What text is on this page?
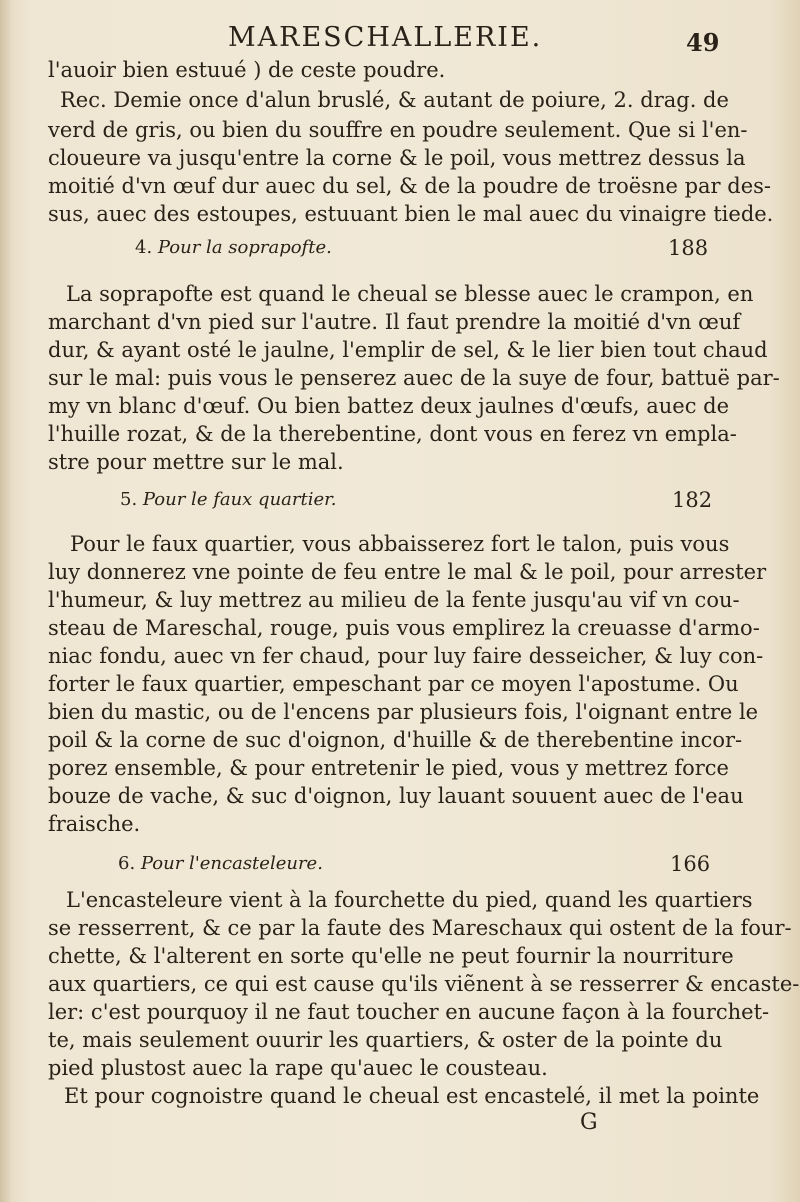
MARESCHALLERIE.	49
l'auoir bien estuué ) de ceste poudre.
Rec. Demie once d'alun bruslé, & autant de poiure, 2. drag. de
verd de gris, ou bien du souffre en poudre seulement. Que si l'en-
cloueure va jusqu'entre la corne & le poil, vous mettrez dessus la
moitié d'vn œuf dur auec du sel, & de la poudre de troësne par des-
sus, auec des estoupes, estuuant bien le mal auec du vinaigre tiede.
4. Pour la soprapofte.	188
La soprapofte est quand le cheual se blesse auec le crampon, en
marchant d'vn pied sur l'autre. Il faut prendre la moitié d'vn œuf
dur, & ayant osté le jaulne, l'emplir de sel, & le lier bien tout chaud
sur le mal: puis vous le penserez auec de la suye de four, battuë par-
my vn blanc d'œuf. Ou bien battez deux jaulnes d'œufs, auec de
l'huille rozat, & de la therebentine, dont vous en ferez vn empla-
stre pour mettre sur le mal.
5. Pour le faux quartier.	182
Pour le faux quartier, vous abbaisserez fort le talon, puis vous
luy donnerez vne pointe de feu entre le mal & le poil, pour arrester
l'humeur, & luy mettrez au milieu de la fente jusqu'au vif vn cou-
steau de Mareschal, rouge, puis vous emplirez la creuasse d'armo-
niac fondu, auec vn fer chaud, pour luy faire desseicher, & luy con-
forter le faux quartier, empeschant par ce moyen l'apostume. Ou
bien du mastic, ou de l'encens par plusieurs fois, l'oignant entre le
poil & la corne de suc d'oignon, d'huille & de therebentine incor-
porez ensemble, & pour entretenir le pied, vous y mettrez force
bouze de vache, & suc d'oignon, luy lauant souuent auec de l'eau
fraische.
6. Pour l'encasteleure.	166
L'encasteleure vient à la fourchette du pied, quand les quartiers
se resserrent, & ce par la faute des Mareschaux qui ostent de la four-
chette, & l'alterent en sorte qu'elle ne peut fournir la nourriture
aux quartiers, ce qui est cause qu'ils viẽnent à se resserrer & encaste-
ler: c'est pourquoy il ne faut toucher en aucune façon à la fourchet-
te, mais seulement ouurir les quartiers, & oster de la pointe du
pied plustost auec la rape qu'auec le cousteau.
Et pour cognoistre quand le cheual est encastelé, il met la pointe
G
